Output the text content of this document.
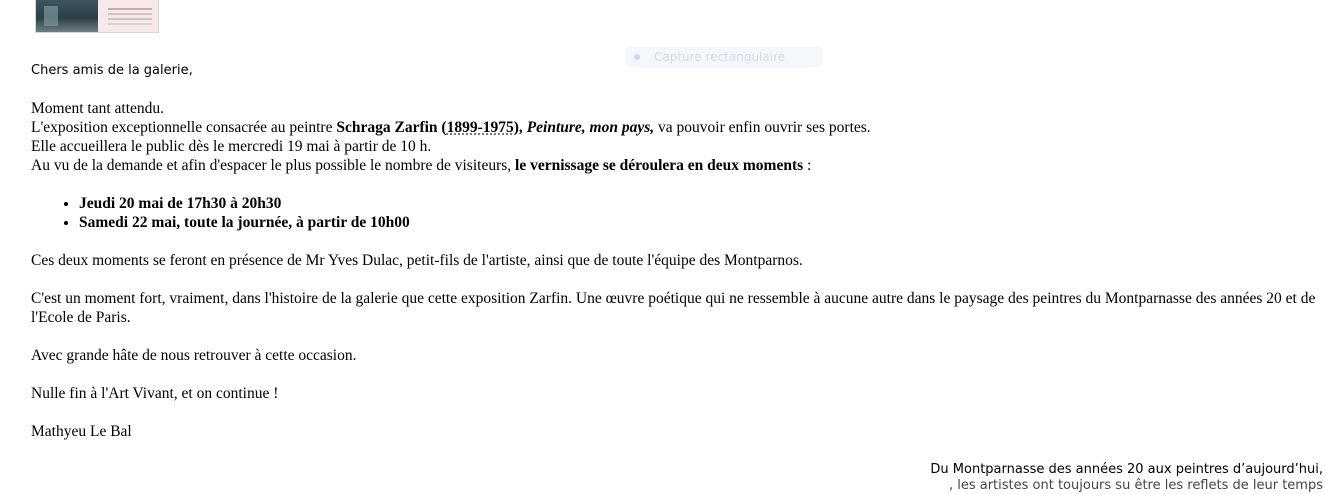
Capture rectangulaire
Chers amis de la galerie,

Moment tant attendu.

L'exposition exceptionnelle consacrée au peintre Schraga Zarfin (1899-1975), Peinture, mon pays, va pouvoir enfin ouvrir ses portes.

Elle accueillera le public dès le mercredi 19 mai à partir de 10 h.

Au vu de la demande et afin d'espacer le plus possible le nombre de visiteurs, le vernissage se déroulera en deux moments :

• Jeudi 20 mai de 17h30 à 20h30
• Samedi 22 mai, toute la journée, à partir de 10h00

Ces deux moments se feront en présence de Mr Yves Dulac, petit-fils de l'artiste, ainsi que de toute l'équipe des Montparnos.

C'est un moment fort, vraiment, dans l'histoire de la galerie que cette exposition Zarfin. Une œuvre poétique qui ne ressemble à aucune autre dans le paysage des peintres du Montparnasse des années 20 et de l'Ecole de Paris.

Avec grande hâte de nous retrouver à cette occasion.

Nulle fin à l'Art Vivant, et on continue !

Mathyeu Le Bal

Du Montparnasse des années 20 aux peintres d’aujourd’hui,
, les artistes ont toujours su être les reflets de leur temps
